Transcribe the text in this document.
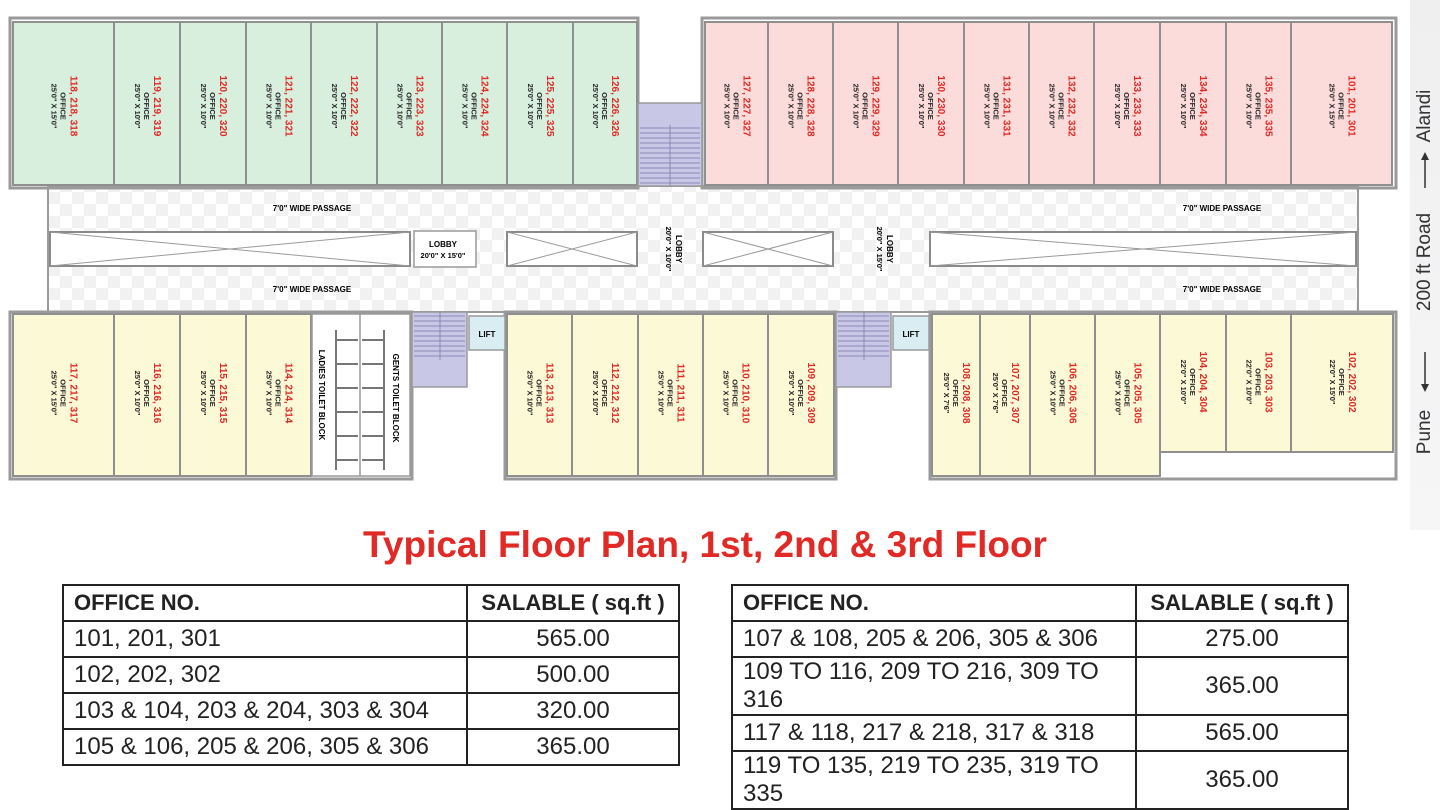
118, 218, 318
OFFICE
25'0" X 15'0"	119, 219, 319
OFFICE
25'0" X 10'0"	120, 220, 320
OFFICE
25'0" X 10'0"	121, 221, 321
OFFICE
25'0" X 10'0"	122, 222, 322
OFFICE
25'0" X 10'0"	123, 223, 323
OFFICE
25'0" X 10'0"	124, 224, 324
OFFICE
25'0" X 10'0"	125, 225, 325
OFFICE
25'0" X 10'0"	126, 226, 326
OFFICE
25'0" X 10'0"	127, 227, 327
OFFICE
25'0" X 10'0"	128, 228, 328
OFFICE
25'0" X 10'0"	129, 229, 329
OFFICE
25'0" X 10'0"	130, 230, 330
OFFICE
25'0" X 10'0"	131, 231, 331
OFFICE
25'0" X 10'0"	132, 232, 332
OFFICE
25'0" X 10'0"	133, 233, 333
OFFICE
25'0" X 10'0"	134, 234, 334
OFFICE
25'0" X 10'0"	135, 235, 335
OFFICE
25'0" X 10'0"	101, 201, 301
OFFICE
25'0" X 15'0"
LOBBY
20'0" X 15'0"	LOBBY
20'0" X 10'0"	LOBBY
20'0" X 15'0"
7'0" WIDE PASSAGE	7'0" WIDE PASSAGE
7'0" WIDE PASSAGE	7'0" WIDE PASSAGE
117, 217, 317
OFFICE
25'0" X 15'0"	116, 216, 316
OFFICE
25'0" X 10'0"	115, 215, 315
OFFICE
25'0" X 10'0"	114, 214, 314
OFFICE
25'0" X 10'0"	113, 213, 313
OFFICE
25'0" X 10'0"	112, 212, 312
OFFICE
25'0" X 10'0"	111, 211, 311
OFFICE
25'0" X 10'0"	110, 210, 310
OFFICE
25'0" X 10'0"	109, 209, 309
OFFICE
25'0" X 10'0"	108, 208, 308
OFFICE
25'0" X 7'6"	107, 207, 307
OFFICE
25'0" X 7'6"	106, 206, 306
OFFICE
25'0" X 10'0"	105, 205, 305
OFFICE
25'0" X 10'0"	104, 204, 304
OFFICE
22'0" X 10'0"	103, 203, 303
OFFICE
22'0" X 10'0"	102, 202, 302
OFFICE
22'0" X 15'0"
LADIES TOILET BLOCK	GENTS TOILET BLOCK
LIFT	LIFT
Alandi
200 ft Road
Pune
Typical Floor Plan, 1st, 2nd & 3rd Floor
OFFICE NO.	SALABLE ( sq.ft )
101, 201, 301	565.00
102, 202, 302	500.00
103 & 104, 203 & 204, 303 & 304	320.00
105 & 106, 205 & 206, 305 & 306	365.00
OFFICE NO.	SALABLE ( sq.ft )
107 & 108, 205 & 206, 305 & 306	275.00
109 TO 116, 209 TO 216, 309 TO 316	365.00
117 & 118, 217 & 218, 317 & 318	565.00
119 TO 135, 219 TO 235, 319 TO 335	365.00
